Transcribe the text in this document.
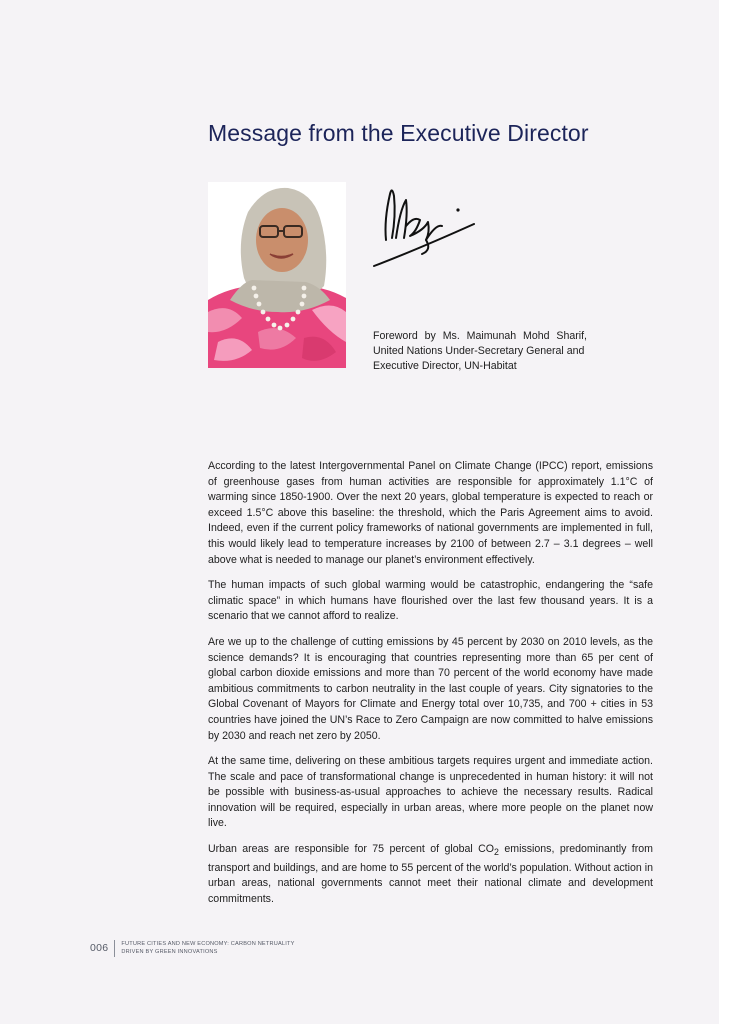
Message from the Executive Director
Foreword by Ms. Maimunah Mohd Sharif,
United Nations Under-Secretary General and
Executive Director, UN-Habitat

According to the latest Intergovernmental Panel on Climate Change (IPCC) report, emissions of greenhouse gases from human activities are responsible for approximately 1.1°C of warming since 1850-1900. Over the next 20 years, global temperature is expected to reach or exceed 1.5°C above this baseline: the threshold, which the Paris Agreement aims to avoid. Indeed, even if the current policy frameworks of national governments are implemented in full, this would likely lead to temperature increases by 2100 of between 2.7 – 3.1 degrees – well above what is needed to manage our planet’s environment effectively.

The human impacts of such global warming would be catastrophic, endangering the “safe climatic space” in which humans have flourished over the last few thousand years. It is a scenario that we cannot afford to realize.

Are we up to the challenge of cutting emissions by 45 percent by 2030 on 2010 levels, as the science demands? It is encouraging that countries representing more than 65 per cent of global carbon dioxide emissions and more than 70 percent of the world economy have made ambitious commitments to carbon neutrality in the last couple of years. City signatories to the Global Covenant of Mayors for Climate and Energy total over 10,735, and 700 + cities in 53 countries have joined the UN’s Race to Zero Campaign are now committed to halve emissions by 2030 and reach net zero by 2050.

At the same time, delivering on these ambitious targets requires urgent and immediate action. The scale and pace of transformational change is unprecedented in human history: it will not be possible with business-as-usual approaches to achieve the necessary results. Radical innovation will be required, especially in urban areas, where more people on the planet now live.

Urban areas are responsible for 75 percent of global $CO_2$ emissions, predominantly from transport and buildings, and are home to 55 percent of the world’s population. Without action in urban areas, national governments cannot meet their national climate and development commitments.

006 FUTURE CITIES AND NEW ECONOMY: CARBON NETRUALITY
DRIVEN BY GREEN INNOVATIONS
